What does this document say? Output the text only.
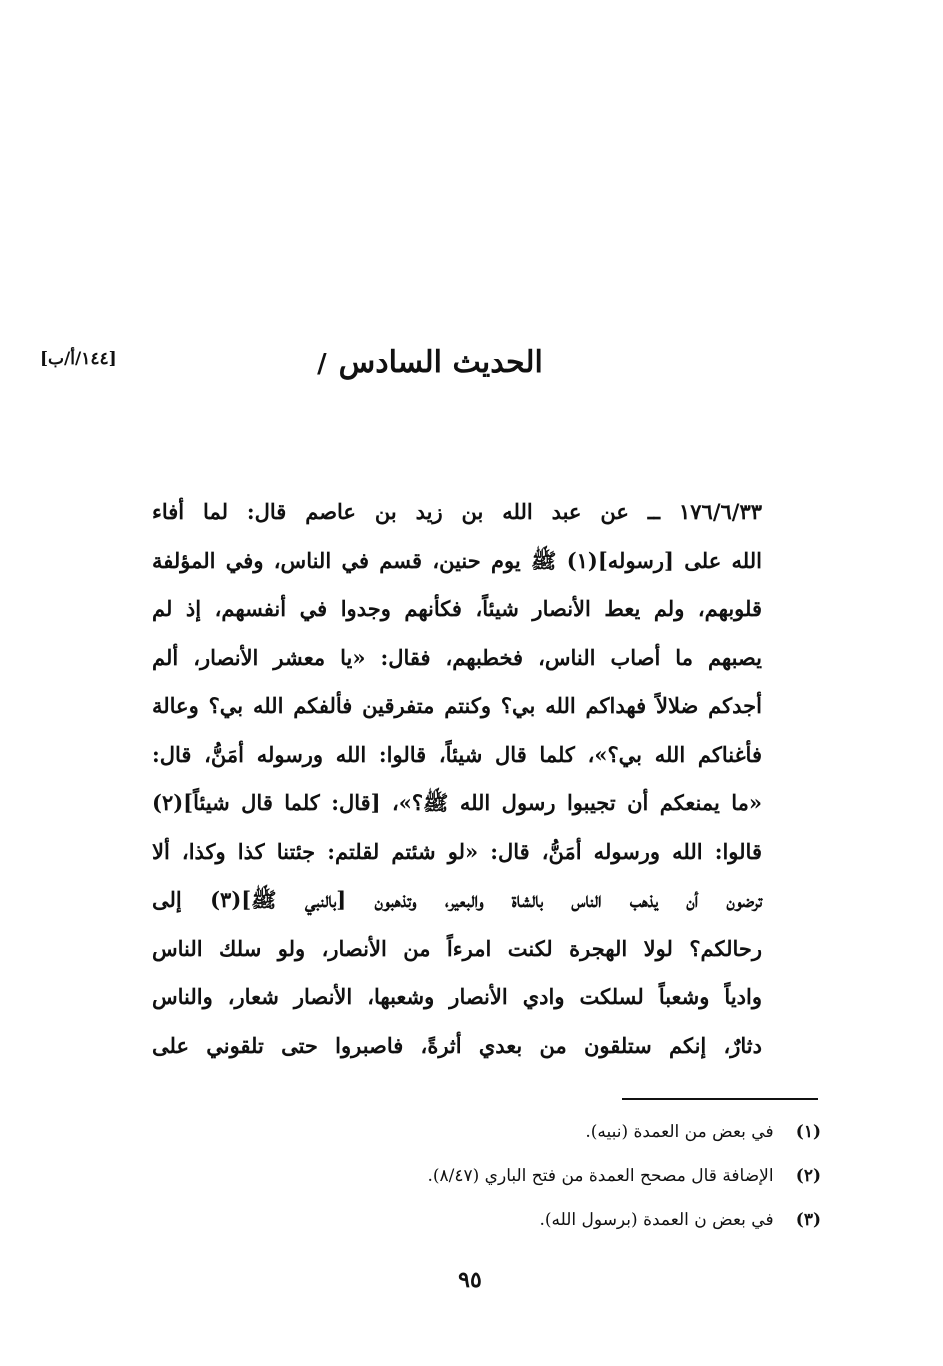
الحديث السادس/
[١٤٤/أ/ب]
١٧٦/٦/٣٣ ــ عن عبد الله بن زيد بن عاصم قال: لما أفاء
الله على [رسوله](١) ﷺ يوم حنين، قسم في الناس، وفي المؤلفة
قلوبهم، ولم يعط الأنصار شيئاً، فكأنهم وجدوا في أنفسهم، إذ لم
يصبهم ما أصاب الناس، فخطبهم، فقال: «يا معشر الأنصار، ألم
أجدكم ضلالاً فهداكم الله بي؟ وكنتم متفرقين فألفكم الله بي؟ وعالة
فأغناكم الله بي؟»، كلما قال شيئاً، قالوا: الله ورسوله أمَنُّ، قال:
«ما يمنعكم أن تجيبوا رسول الله ﷺ؟»، [قال: كلما قال شيئاً](٢)
قالوا: الله ورسوله أمَنُّ، قال: «لو شئتم لقلتم: جئتنا كذا وكذا، ألا
ترضون أن يذهب الناس بالشاة والبعير، وتذهبون [بالنبي ﷺ](٣) إلى
رحالكم؟ لولا الهجرة لكنت امرءاً من الأنصار، ولو سلك الناس
وادياً وشعباً لسلكت وادي الأنصار وشعبها، الأنصار شعار، والناس
دثارٌ، إنكم ستلقون من بعدي أثرةً، فاصبروا حتى تلقوني على
(١) في بعض من العمدة (نبيه).
(٢) الإضافة قال مصحح العمدة من فتح الباري (٨/٤٧).
(٣) في بعض ن العمدة (برسول الله).
٩٥
